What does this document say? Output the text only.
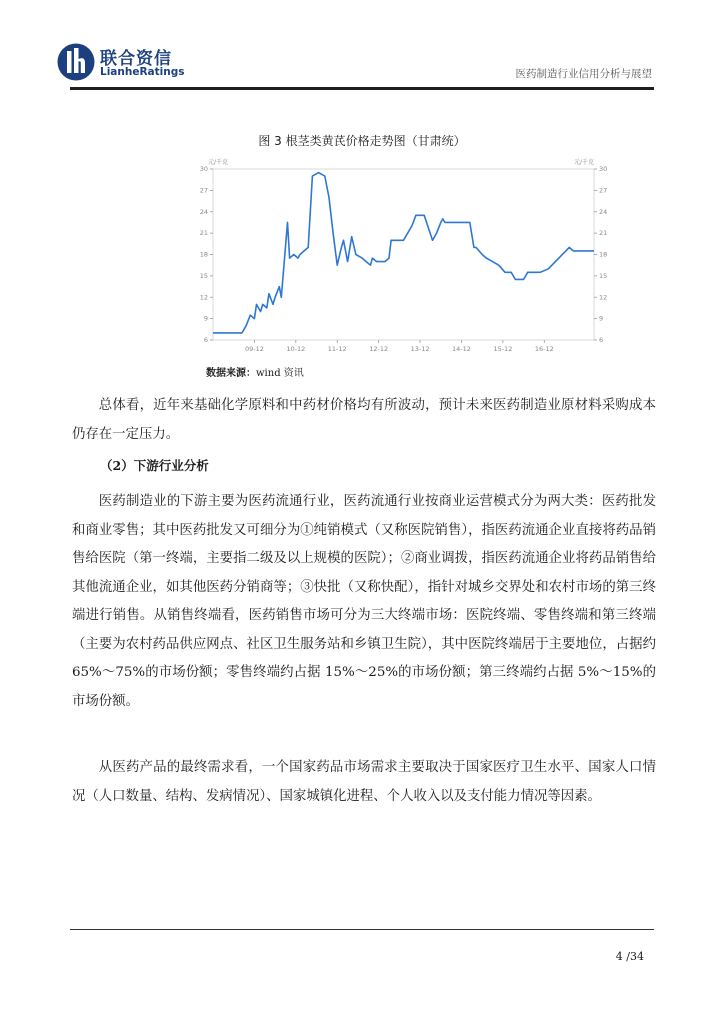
联合资信
LianheRatings	医药制造行业信用分析与展望
图 3 根茎类黄芪价格走势图（甘肃统）
元/千克	元/千克
6
9
12
15
18
21
24
27
30
6
9
12
15
18
21
24
27
30
09-12	10-12	11-12	12-12	13-12	14-12	15-12	16-12
数据来源：wind 资讯

总体看，近年来基础化学原料和中药材价格均有所波动，预计未来医药制造业原材料采购成本仍存在一定压力。

（2）下游行业分析

医药制造业的下游主要为医药流通行业，医药流通行业按商业运营模式分为两大类：医药批发和商业零售；其中医药批发又可细分为①纯销模式（又称医院销售），指医药流通企业直接将药品销售给医院（第一终端，主要指二级及以上规模的医院）；②商业调拨，指医药流通企业将药品销售给其他流通企业，如其他医药分销商等；③快批（又称快配），指针对城乡交界处和农村市场的第三终端进行销售。从销售终端看，医药销售市场可分为三大终端市场：医院终端、零售终端和第三终端（主要为农村药品供应网点、社区卫生服务站和乡镇卫生院），其中医院终端居于主要地位，占据约 65%～75%的市场份额；零售终端约占据 15%～25%的市场份额；第三终端约占据 5%～15%的市场份额。

从医药产品的最终需求看，一个国家药品市场需求主要取决于国家医疗卫生水平、国家人口情况（人口数量、结构、发病情况）、国家城镇化进程、个人收入以及支付能力情况等因素。

4 /34
